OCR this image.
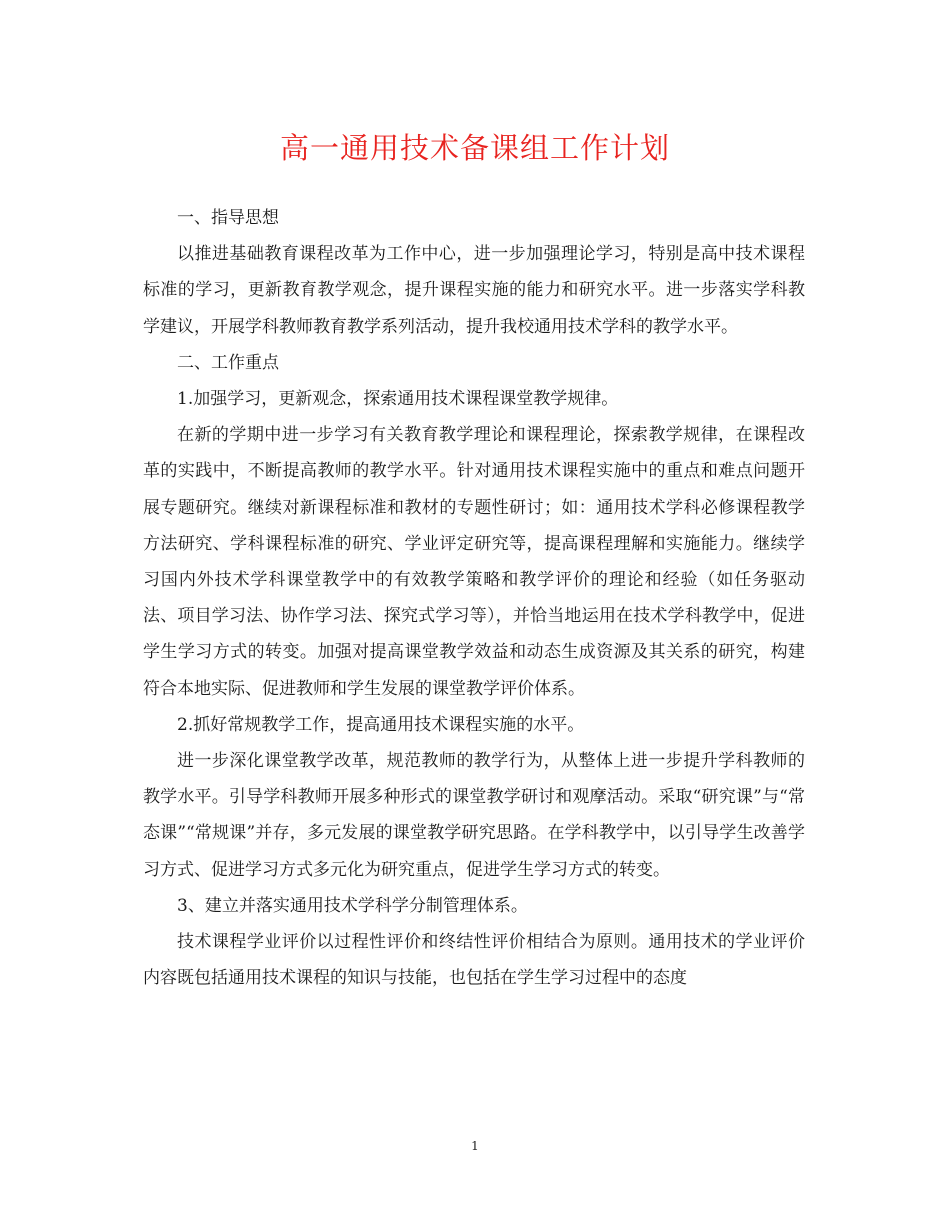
高一通用技术备课组工作计划

一、指导思想

以推进基础教育课程改革为工作中心，进一步加强理论学习，特别是高中技术课程标准的学习，更新教育教学观念，提升课程实施的能力和研究水平。进一步落实学科教学建议，开展学科教师教育教学系列活动，提升我校通用技术学科的教学水平。

二、工作重点

1.加强学习，更新观念，探索通用技术课程课堂教学规律。

在新的学期中进一步学习有关教育教学理论和课程理论，探索教学规律，在课程改革的实践中，不断提高教师的教学水平。针对通用技术课程实施中的重点和难点问题开展专题研究。继续对新课程标准和教材的专题性研讨；如：通用技术学科必修课程教学方法研究、学科课程标准的研究、学业评定研究等，提高课程理解和实施能力。继续学习国内外技术学科课堂教学中的有效教学策略和教学评价的理论和经验（如任务驱动法、项目学习法、协作学习法、探究式学习等），并恰当地运用在技术学科教学中，促进学生学习方式的转变。加强对提高课堂教学效益和动态生成资源及其关系的研究，构建符合本地实际、促进教师和学生发展的课堂教学评价体系。

2.抓好常规教学工作，提高通用技术课程实施的水平。

进一步深化课堂教学改革，规范教师的教学行为，从整体上进一步提升学科教师的教学水平。引导学科教师开展多种形式的课堂教学研讨和观摩活动。采取“研究课”与“常态课”“常规课”并存，多元发展的课堂教学研究思路。在学科教学中，以引导学生改善学习方式、促进学习方式多元化为研究重点，促进学生学习方式的转变。

3、建立并落实通用技术学科学分制管理体系。

技术课程学业评价以过程性评价和终结性评价相结合为原则。通用技术的学业评价内容既包括通用技术课程的知识与技能，也包括在学生学习过程中的态度

1
